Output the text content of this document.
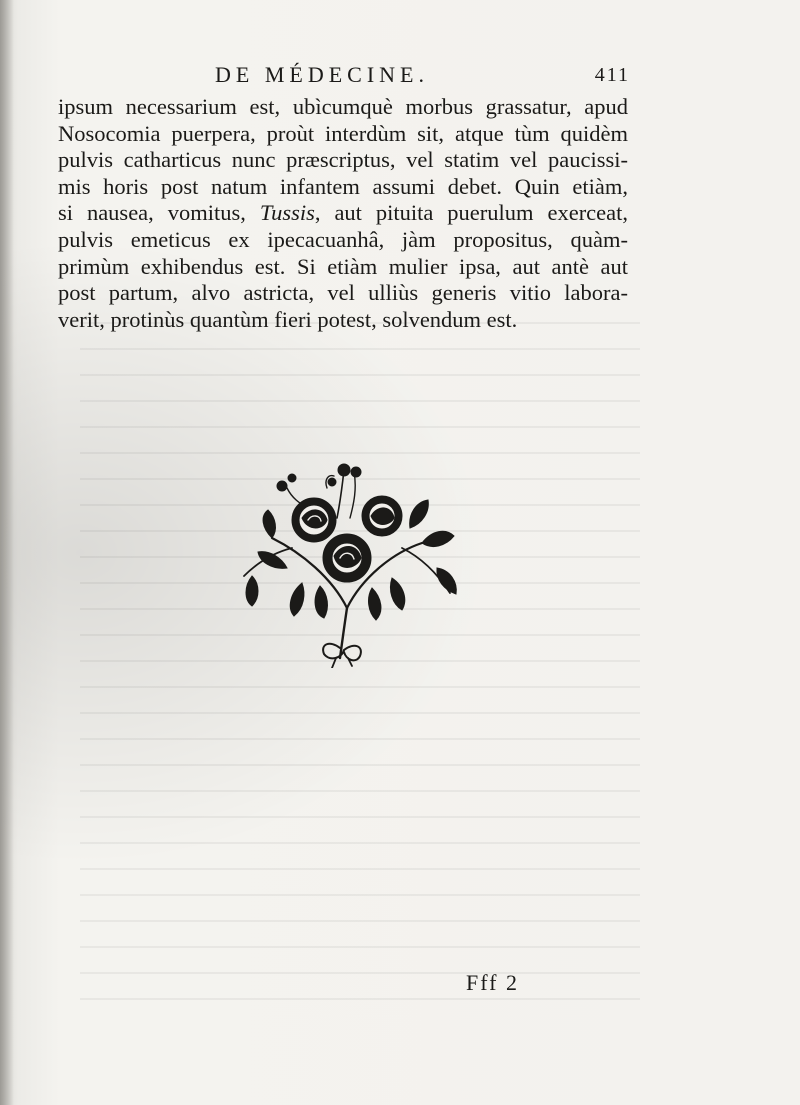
DE MÉDECINE.	411
ipsum necessarium est, ubìcumquè morbus grassatur, apud
Nosocomia puerpera, proùt interdùm sit, atque tùm quidèm
pulvis catharticus nunc præscriptus, vel statim vel paucissi-
mis horis post natum infantem assumi debet. Quin etiàm,
si nausea, vomitus, Tussis, aut pituita puerulum exerceat,
pulvis emeticus ex ipecacuanhâ, jàm propositus, quàm-
primùm exhibendus est. Si etiàm mulier ipsa, aut antè aut
post partum, alvo astricta, vel ulliùs generis vitio labora-
verit, protinùs quantùm fieri potest, solvendum est.
Fff 2
